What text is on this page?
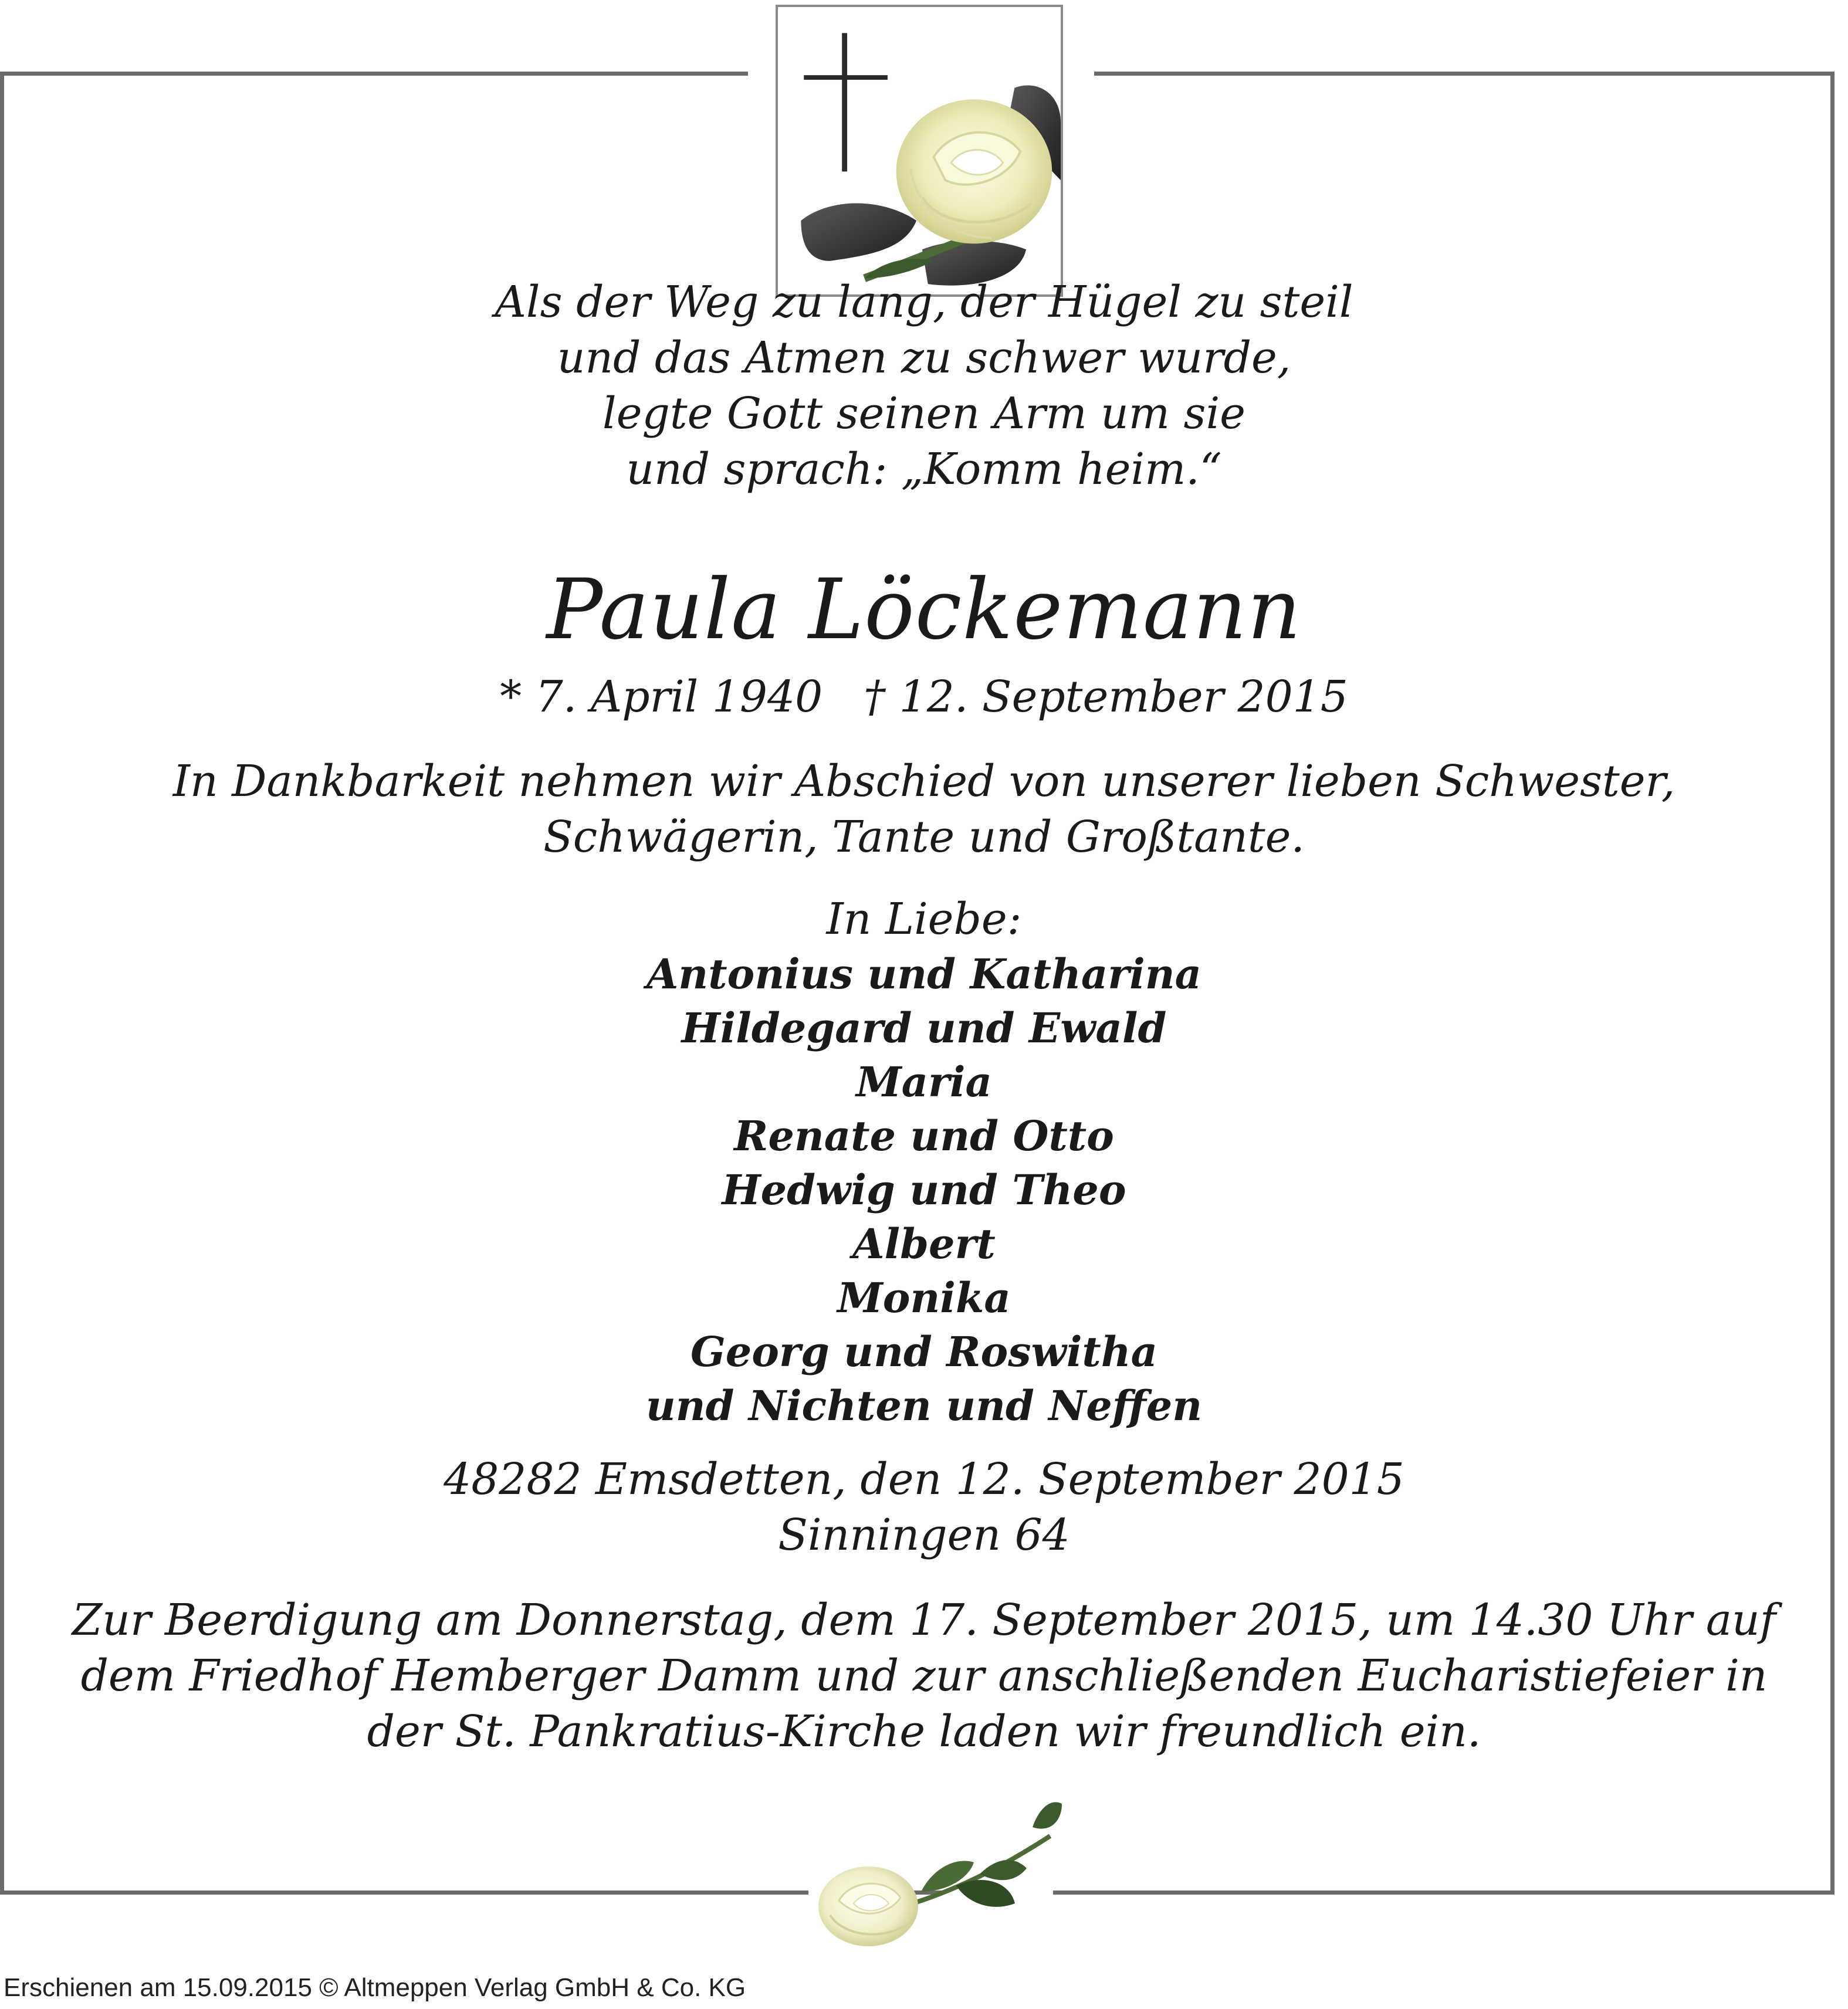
Als der Weg zu lang, der Hügel zu steil

und das Atmen zu schwer wurde,

legte Gott seinen Arm um sie

und sprach: „Komm heim.“

Paula Löckemann

* 7. April 1940 † 12. September 2015

In Dankbarkeit nehmen wir Abschied von unserer lieben Schwester,

Schwägerin, Tante und Großtante.

In Liebe:

Antonius und Katharina

Hildegard und Ewald

Maria

Renate und Otto

Hedwig und Theo

Albert

Monika

Georg und Roswitha

und Nichten und Neffen

48282 Emsdetten, den 12. September 2015

Sinningen 64

Zur Beerdigung am Donnerstag, dem 17. September 2015, um 14.30 Uhr auf

dem Friedhof Hemberger Damm und zur anschließenden Eucharistiefeier in

der St. Pankratius-Kirche laden wir freundlich ein.

Erschienen am 15.09.2015 © Altmeppen Verlag GmbH & Co. KG
